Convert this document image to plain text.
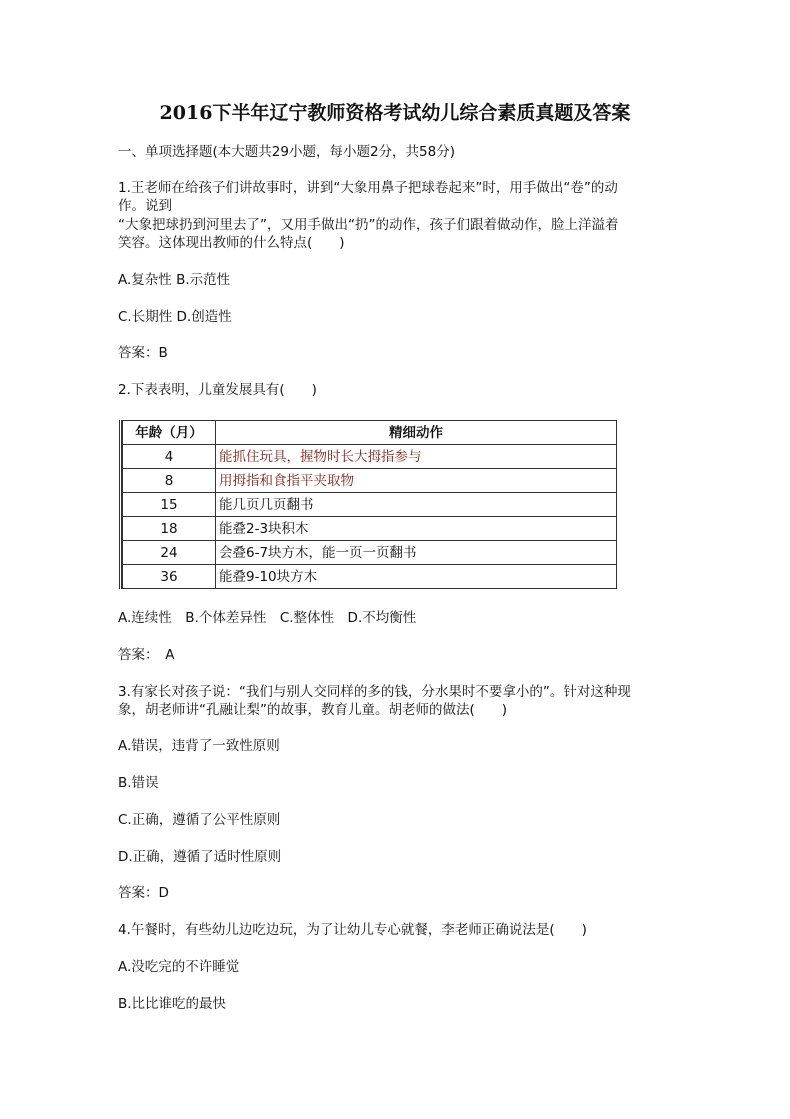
2016下半年辽宁教师资格考试幼儿综合素质真题及答案
一、单项选择题(本大题共29小题，每小题2分，共58分)
1.王老师在给孩子们讲故事时，讲到“大象用鼻子把球卷起来”时，用手做出“卷”的动
作。说到
“大象把球扔到河里去了”，又用手做出“扔”的动作，孩子们跟着做动作，脸上洋溢着
笑容。这体现出教师的什么特点(　　)
A.复杂性 B.示范性
C.长期性 D.创造性
答案：B
2.下表表明，儿童发展具有(　　)
年龄（月）	精细动作
4	能抓住玩具，握物时长大拇指参与
8	用拇指和食指平夹取物
15	能几页几页翻书
18	能叠2-3块积木
24	会叠6-7块方木，能一页一页翻书
36	能叠9-10块方木
A.连续性　B.个体差异性　C.整体性　D.不均衡性
答案：　A
3.有家长对孩子说：“我们与别人交同样的多的钱，分水果时不要拿小的”。针对这种现
象，胡老师讲“孔融让梨”的故事，教育儿童。胡老师的做法(　　)
A.错误，违背了一致性原则
B.错误
C.正确，遵循了公平性原则
D.正确，遵循了适时性原则
答案：D
4.午餐时，有些幼儿边吃边玩，为了让幼儿专心就餐，李老师正确说法是(　　)
A.没吃完的不许睡觉
B.比比谁吃的最快
